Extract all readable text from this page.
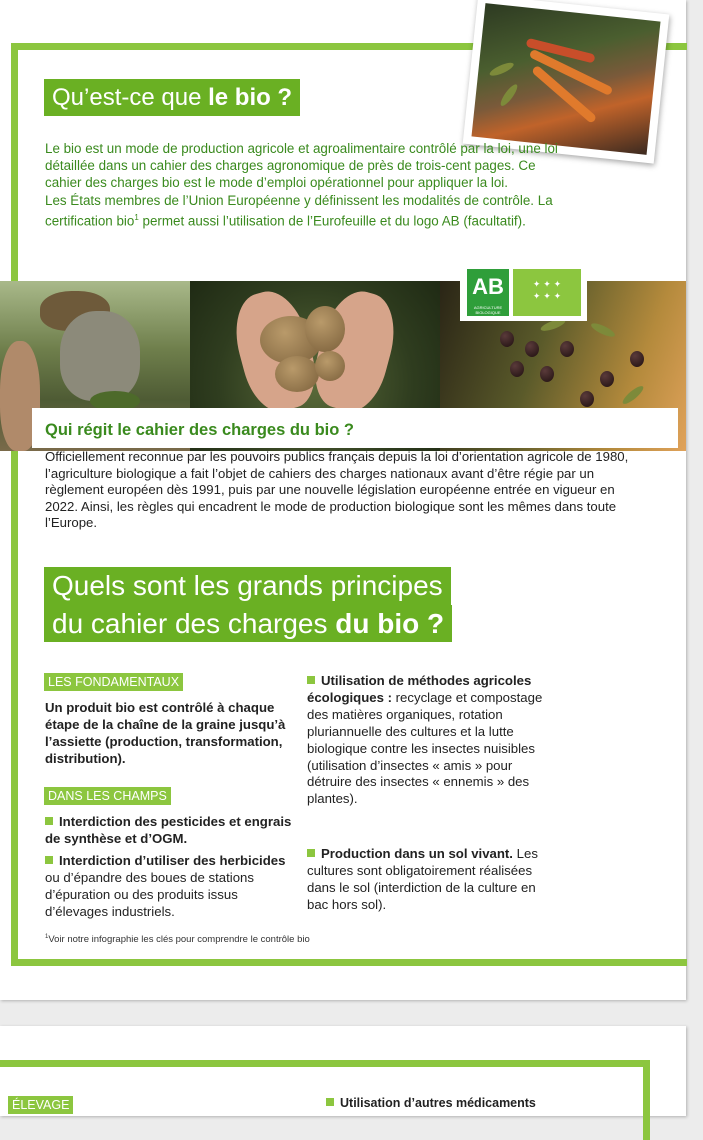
Qu’est-ce que le bio ?
Le bio est un mode de production agricole et agroalimentaire contrôlé par la loi, une loi détaillée dans un cahier des charges agronomique de près de trois-cent pages. Ce cahier des charges bio est le mode d’emploi opérationnel pour appliquer la loi.
Les États membres de l’Union Européenne y définissent les modalités de contrôle. La certification bio$^1$ permet aussi l’utilisation de l’Eurofeuille et du logo AB (facultatif).
AB
AGRICULTURE BIOLOGIQUE
✦ ✦ ✦
✦ ✦ ✦
Qui régit le cahier des charges du bio ?
Officiellement reconnue par les pouvoirs publics français depuis la loi d’orientation agricole de 1980, l’agriculture biologique a fait l’objet de cahiers des charges nationaux avant d’être régie par un règlement européen dès 1991, puis par une nouvelle législation européenne entrée en vigueur en 2022. Ainsi, les règles qui encadrent le mode de production biologique sont les mêmes dans toute l’Europe.
Quels sont les grands principes
du cahier des charges du bio ?
LES FONDAMENTAUX
Un produit bio est contrôlé à chaque étape de la chaîne de la graine jusqu’à l’assiette (production, transformation, distribution).
DANS LES CHAMPS
Interdiction des pesticides et engrais de synthèse et d’OGM.
Interdiction d’utiliser des herbicides ou d’épandre des boues de stations d’épuration ou des produits issus d’élevages industriels.
Utilisation de méthodes agricoles écologiques : recyclage et compostage des matières organiques, rotation pluriannuelle des cultures et la lutte biologique contre les insectes nuisibles (utilisation d’insectes « amis » pour détruire des insectes « ennemis » des plantes).
Production dans un sol vivant. Les cultures sont obligatoirement réalisées dans le sol (interdiction de la culture en bac hors sol).
$^1$Voir notre infographie les clés pour comprendre le contrôle bio
ÉLEVAGE	Utilisation d’autres médicaments
